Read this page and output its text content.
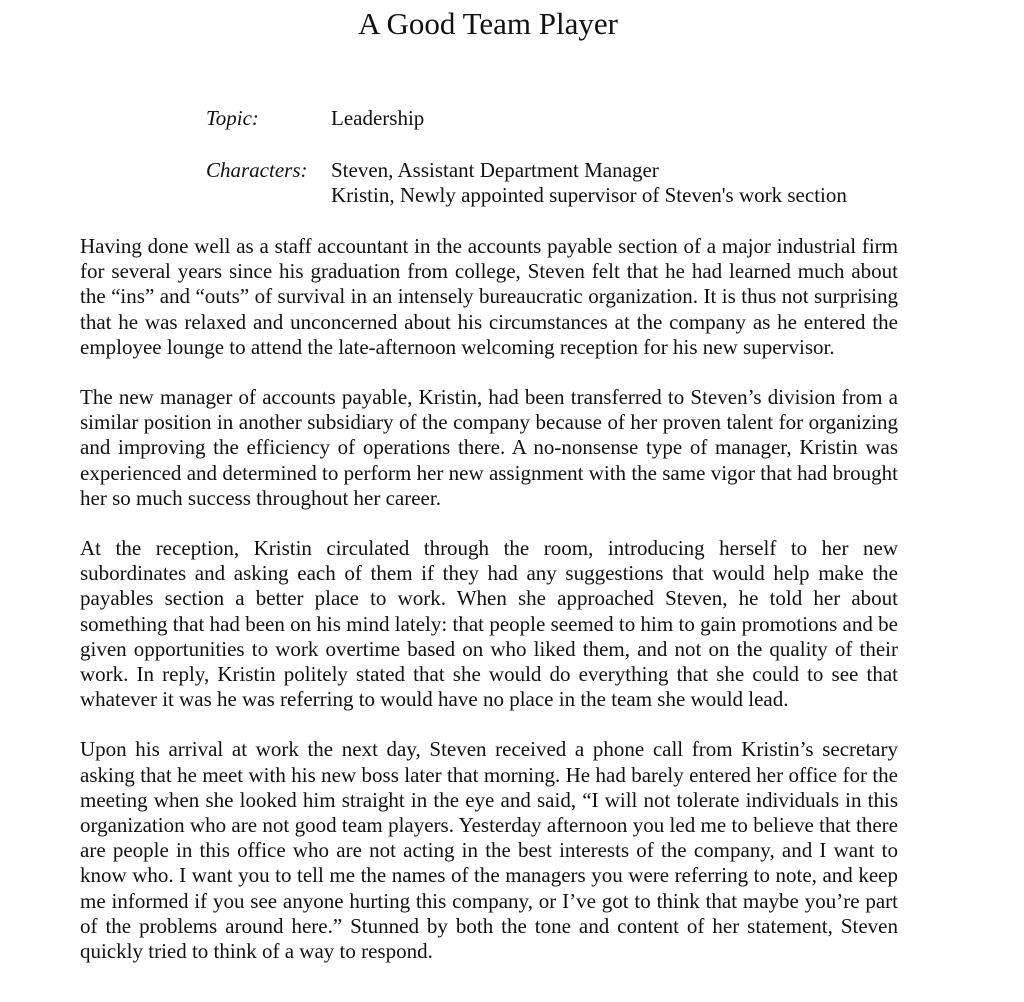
A Good Team Player
Topic:	Leadership
Characters: Steven, Assistant Department Manager
Kristin, Newly appointed supervisor of Steven's work section

Having done well as a staff accountant in the accounts payable section of a major industrial firm for several years since his graduation from college, Steven felt that he had learned much about the “ins” and “outs” of survival in an intensely bureaucratic organization. It is thus not surprising that he was relaxed and unconcerned about his circumstances at the company as he entered the employee lounge to attend the late-afternoon welcoming reception for his new supervisor.

The new manager of accounts payable, Kristin, had been transferred to Steven’s division from a similar position in another subsidiary of the company because of her proven talent for organizing and improving the efficiency of operations there. A no-nonsense type of manager, Kristin was experienced and determined to perform her new assignment with the same vigor that had brought her so much success throughout her career.

At the reception, Kristin circulated through the room, introducing herself to her new subordinates and asking each of them if they had any suggestions that would help make the payables section a better place to work. When she approached Steven, he told her about something that had been on his mind lately: that people seemed to him to gain promotions and be given opportunities to work overtime based on who liked them, and not on the quality of their work. In reply, Kristin politely stated that she would do everything that she could to see that whatever it was he was referring to would have no place in the team she would lead.

Upon his arrival at work the next day, Steven received a phone call from Kristin’s secretary asking that he meet with his new boss later that morning. He had barely entered her office for the meeting when she looked him straight in the eye and said, “I will not tolerate individuals in this organization who are not good team players. Yesterday afternoon you led me to believe that there are people in this office who are not acting in the best interests of the company, and I want to know who. I want you to tell me the names of the managers you were referring to note, and keep me informed if you see anyone hurting this company, or I’ve got to think that maybe you’re part of the problems around here.” Stunned by both the tone and content of her statement, Steven quickly tried to think of a way to respond.
